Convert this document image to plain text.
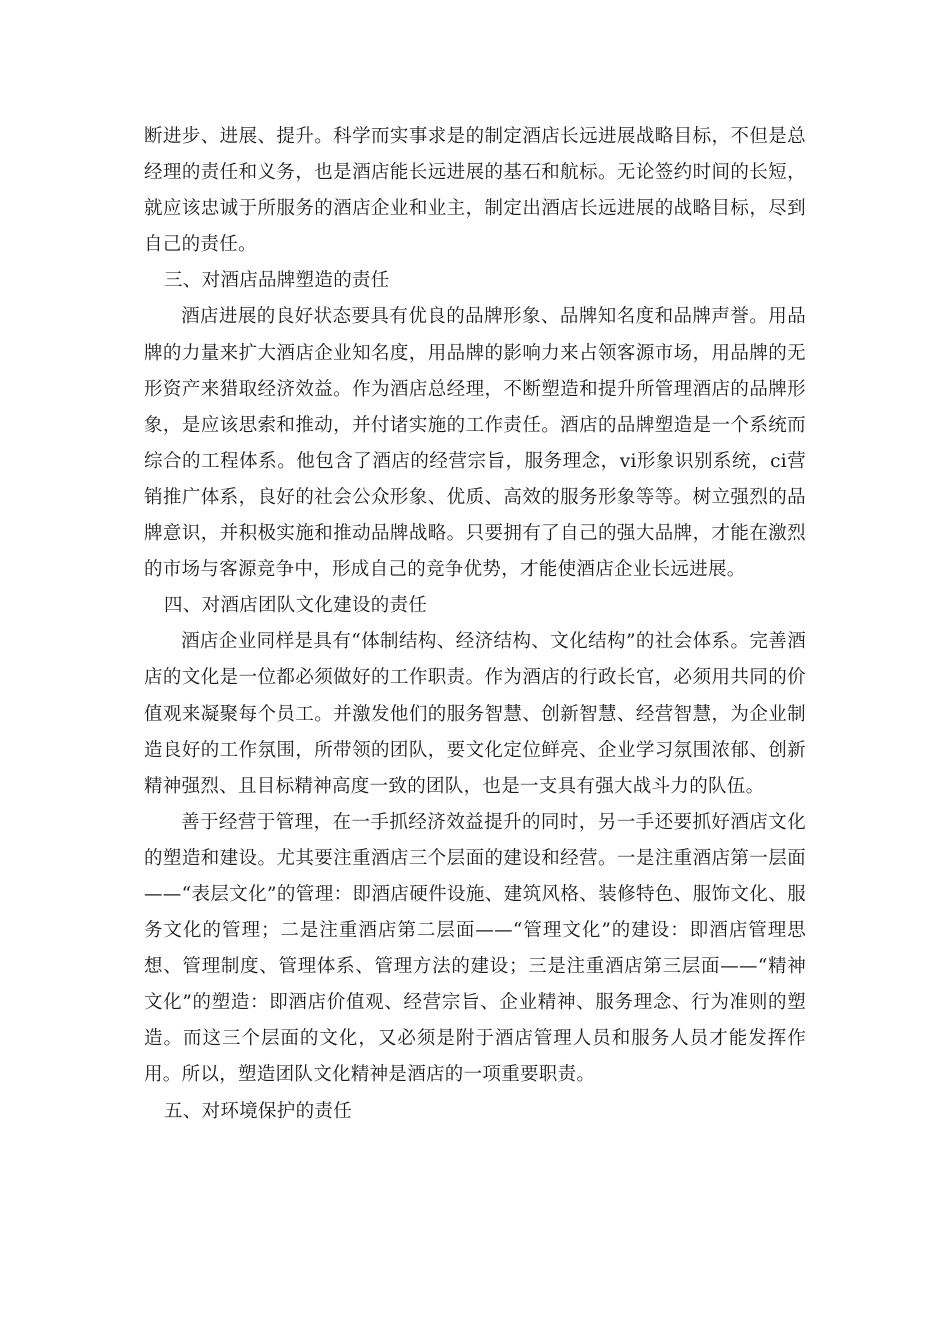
断进步、进展、提升。科学而实事求是的制定酒店长远进展战略目标，不但是总经理的责任和义务，也是酒店能长远进展的基石和航标。无论签约时间的长短，就应该忠诚于所服务的酒店企业和业主，制定出酒店长远进展的战略目标，尽到自己的责任。

三、对酒店品牌塑造的责任

酒店进展的良好状态要具有优良的品牌形象、品牌知名度和品牌声誉。用品牌的力量来扩大酒店企业知名度，用品牌的影响力来占领客源市场，用品牌的无形资产来猎取经济效益。作为酒店总经理，不断塑造和提升所管理酒店的品牌形象，是应该思索和推动，并付诸实施的工作责任。酒店的品牌塑造是一个系统而综合的工程体系。他包含了酒店的经营宗旨，服务理念，vi形象识别系统，ci营销推广体系，良好的社会公众形象、优质、高效的服务形象等等。树立强烈的品牌意识，并积极实施和推动品牌战略。只要拥有了自己的强大品牌，才能在激烈的市场与客源竞争中，形成自己的竞争优势，才能使酒店企业长远进展。

四、对酒店团队文化建设的责任

酒店企业同样是具有“体制结构、经济结构、文化结构”的社会体系。完善酒店的文化是一位都必须做好的工作职责。作为酒店的行政长官，必须用共同的价值观来凝聚每个员工。并激发他们的服务智慧、创新智慧、经营智慧，为企业制造良好的工作氛围，所带领的团队，要文化定位鲜亮、企业学习氛围浓郁、创新精神强烈、且目标精神高度一致的团队，也是一支具有强大战斗力的队伍。

善于经营于管理，在一手抓经济效益提升的同时，另一手还要抓好酒店文化的塑造和建设。尤其要注重酒店三个层面的建设和经营。一是注重酒店第一层面——“表层文化”的管理：即酒店硬件设施、建筑风格、装修特色、服饰文化、服务文化的管理；二是注重酒店第二层面——“管理文化”的建设：即酒店管理思想、管理制度、管理体系、管理方法的建设；三是注重酒店第三层面——“精神文化”的塑造：即酒店价值观、经营宗旨、企业精神、服务理念、行为准则的塑造。而这三个层面的文化，又必须是附于酒店管理人员和服务人员才能发挥作用。所以，塑造团队文化精神是酒店的一项重要职责。

五、对环境保护的责任
